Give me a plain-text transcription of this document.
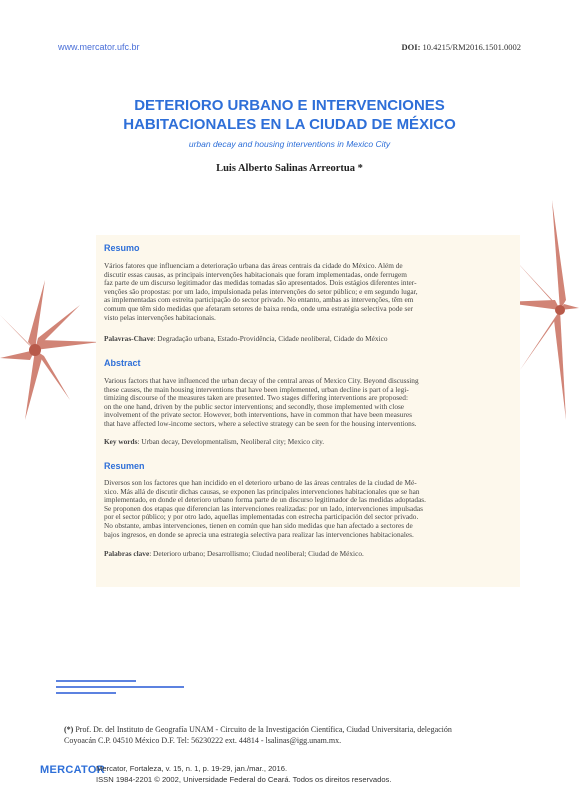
www.mercator.ufc.br	DOI: 10.4215/RM2016.1501.0002
DETERIORO URBANO E INTERVENCIONES
HABITACIONALES EN LA CIUDAD DE MÉXICO
urban decay and housing interventions in Mexico City
Luis Alberto Salinas Arreortua *
Resumo
Vários fatores que influenciam a deterioração urbana das áreas centrais da cidade do México. Além de
discutir essas causas, as principais intervenções habitacionais que foram implementadas, onde ferrugem
faz parte de um discurso legitimador das medidas tomadas são apresentados. Dois estágios diferentes inter-
venções são propostas: por um lado, impulsionada pelas intervenções do setor público; e em segundo lugar,
as implementadas com estreita participação do sector privado. No entanto, ambas as intervenções, têm em
comum que têm sido medidas que afetaram setores de baixa renda, onde uma estratégia selectiva pode ser
visto pelas intervenções habitacionais.
Palavras-Chave: Degradação urbana, Estado-Providência, Cidade neoliberal, Cidade do México
Abstract
Various factors that have influenced the urban decay of the central areas of Mexico City. Beyond discussing
these causes, the main housing interventions that have been implemented, urban decline is part of a legi-
timizing discourse of the measures taken are presented. Two stages differing interventions are proposed:
on the one hand, driven by the public sector interventions; and secondly, those implemented with close
involvement of the private sector. However, both interventions, have in common that have been measures
that have affected low-income sectors, where a selective strategy can be seen for the housing interventions.
Key words: Urban decay, Developmentalism, Neoliberal city; Mexico city.
Resumen
Diversos son los factores que han incidido en el deterioro urbano de las áreas centrales de la ciudad de Mé-
xico. Más allá de discutir dichas causas, se exponen las principales intervenciones habitacionales que se han
implementado, en donde el deterioro urbano forma parte de un discurso legitimador de las medidas adoptadas.
Se proponen dos etapas que diferencian las intervenciones realizadas: por un lado, intervenciones impulsadas
por el sector público; y por otro lado, aquellas implementadas con estrecha participación del sector privado.
No obstante, ambas intervenciones, tienen en común que han sido medidas que han afectado a sectores de
bajos ingresos, en donde se aprecia una estrategia selectiva para realizar las intervenciones habitacionales.
Palabras clave: Deterioro urbano; Desarrollismo; Ciudad neoliberal; Ciudad de México.
(*) Prof. Dr. del Instituto de Geografía UNAM - Circuito de la Investigación Científica, Ciudad Universitaria, delegación
Coyoacán C.P. 04510 México D.F. Tel: 56230222 ext. 44814 - lsalinas@igg.unam.mx.
MERCATOR
Mercator, Fortaleza, v. 15, n. 1, p. 19-29, jan./mar., 2016.
ISSN 1984-2201 © 2002, Universidade Federal do Ceará. Todos os direitos reservados.
